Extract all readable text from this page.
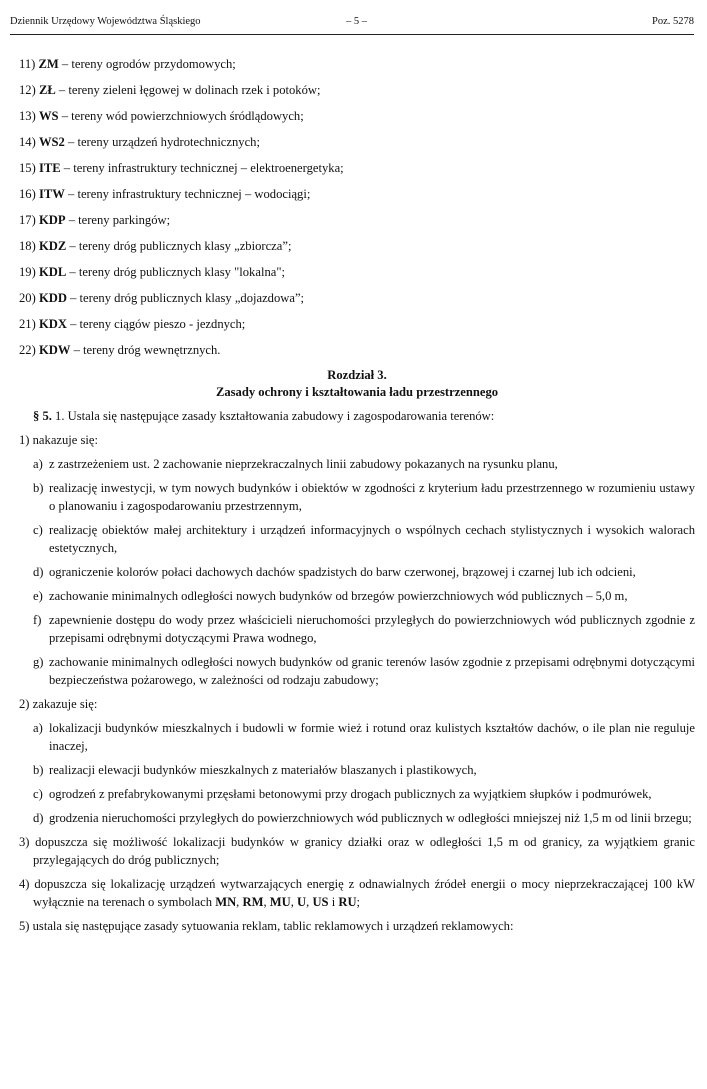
Dziennik Urzędowy Województwa Śląskiego	– 5 –	Poz. 5278
11) ZM – tereny ogrodów przydomowych;
12) ZŁ – tereny zieleni łęgowej w dolinach rzek i potoków;
13) WS – tereny wód powierzchniowych śródlądowych;
14) WS2 – tereny urządzeń hydrotechnicznych;
15) ITE – tereny infrastruktury technicznej – elektroenergetyka;
16) ITW – tereny infrastruktury technicznej – wodociągi;
17) KDP – tereny parkingów;
18) KDZ – tereny dróg publicznych klasy „zbiorcza”;
19) KDL – tereny dróg publicznych klasy "lokalna";
20) KDD – tereny dróg publicznych klasy „dojazdowa”;
21) KDX – tereny ciągów pieszo - jezdnych;
22) KDW – tereny dróg wewnętrznych.
Rozdział 3.
Zasady ochrony i kształtowania ładu przestrzennego
§ 5. 1. Ustala się następujące zasady kształtowania zabudowy i zagospodarowania terenów:
1) nakazuje się:
a) z zastrzeżeniem ust. 2 zachowanie nieprzekraczalnych linii zabudowy pokazanych na rysunku planu,
b) realizację inwestycji, w tym nowych budynków i obiektów w zgodności z kryterium ładu przestrzennego w rozumieniu ustawy o planowaniu i zagospodarowaniu przestrzennym,
c) realizację obiektów małej architektury i urządzeń informacyjnych o wspólnych cechach stylistycznych i wysokich walorach estetycznych,
d) ograniczenie kolorów połaci dachowych dachów spadzistych do barw czerwonej, brązowej i czarnej lub ich odcieni,
e) zachowanie minimalnych odległości nowych budynków od brzegów powierzchniowych wód publicznych – 5,0 m,
f) zapewnienie dostępu do wody przez właścicieli nieruchomości przyległych do powierzchniowych wód publicznych zgodnie z przepisami odrębnymi dotyczącymi Prawa wodnego,
g) zachowanie minimalnych odległości nowych budynków od granic terenów lasów zgodnie z przepisami odrębnymi dotyczącymi bezpieczeństwa pożarowego, w zależności od rodzaju zabudowy;
2) zakazuje się:
a) lokalizacji budynków mieszkalnych i budowli w formie wież i rotund oraz kulistych kształtów dachów, o ile plan nie reguluje inaczej,
b) realizacji elewacji budynków mieszkalnych z materiałów blaszanych i plastikowych,
c) ogrodzeń z prefabrykowanymi przęsłami betonowymi przy drogach publicznych za wyjątkiem słupków i podmurówek,
d) grodzenia nieruchomości przyległych do powierzchniowych wód publicznych w odległości mniejszej niż 1,5 m od linii brzegu;
3) dopuszcza się możliwość lokalizacji budynków w granicy działki oraz w odległości 1,5 m od granicy, za wyjątkiem granic przylegających do dróg publicznych;
4) dopuszcza się lokalizację urządzeń wytwarzających energię z odnawialnych źródeł energii o mocy nieprzekraczającej 100 kW wyłącznie na terenach o symbolach MN, RM, MU, U, US i RU;
5) ustala się następujące zasady sytuowania reklam, tablic reklamowych i urządzeń reklamowych:
